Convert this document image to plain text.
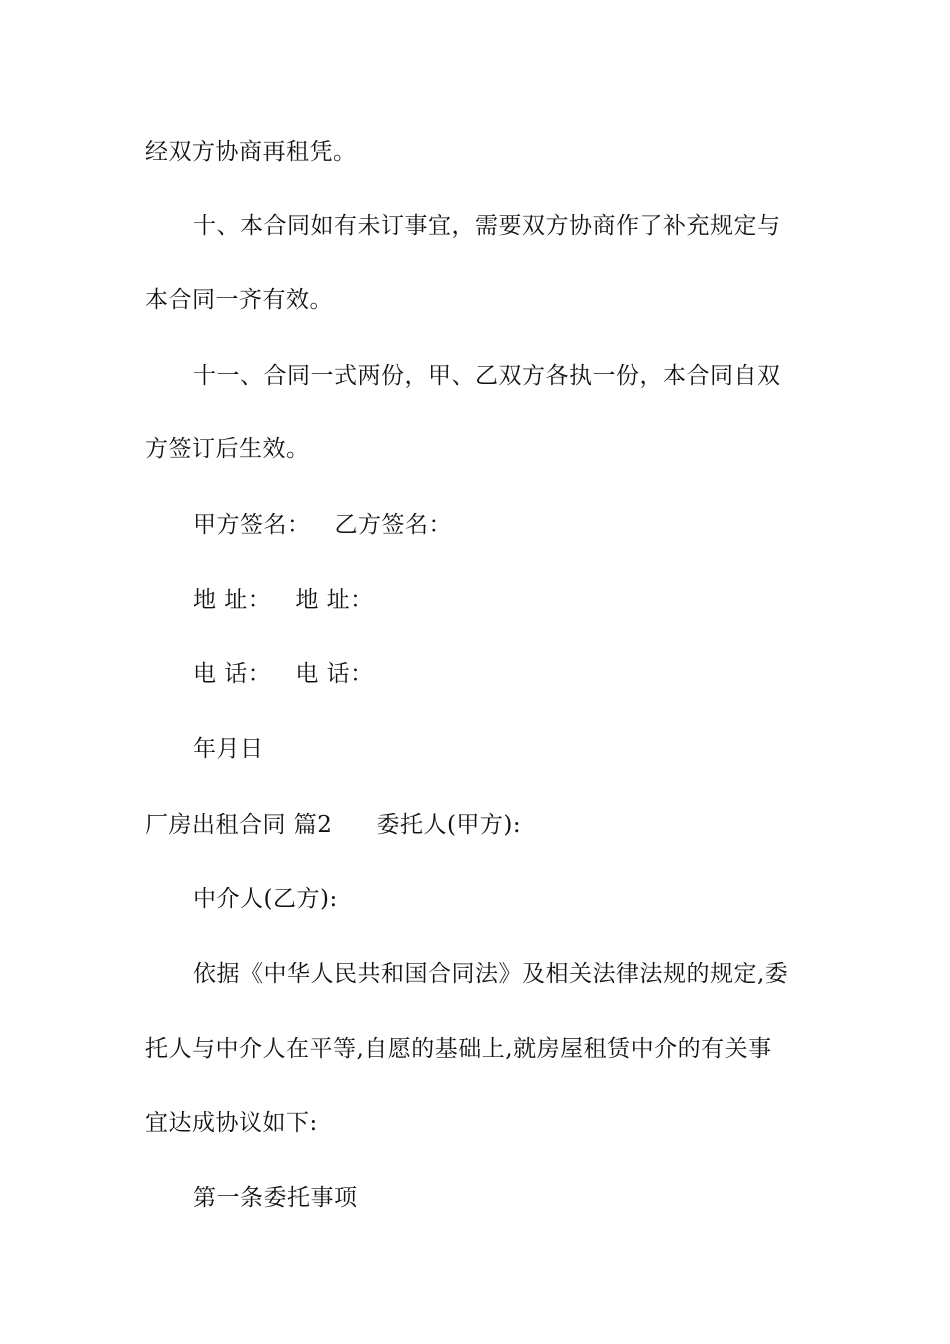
经双方协商再租凭。
十、本合同如有未订事宜，需要双方协商作了补充规定与
本合同一齐有效。
十一、合同一式两份，甲、乙双方各执一份，本合同自双
方签订后生效。
甲方签名： 乙方签名：
地 址： 地 址：
电 话： 电 话：
年月日
厂房出租合同 篇2 委托人(甲方):
中介人(乙方):
依据《中华人民共和国合同法》及相关法律法规的规定,委
托人与中介人在平等,自愿的基础上,就房屋租赁中介的有关事
宜达成协议如下:
第一条委托事项
